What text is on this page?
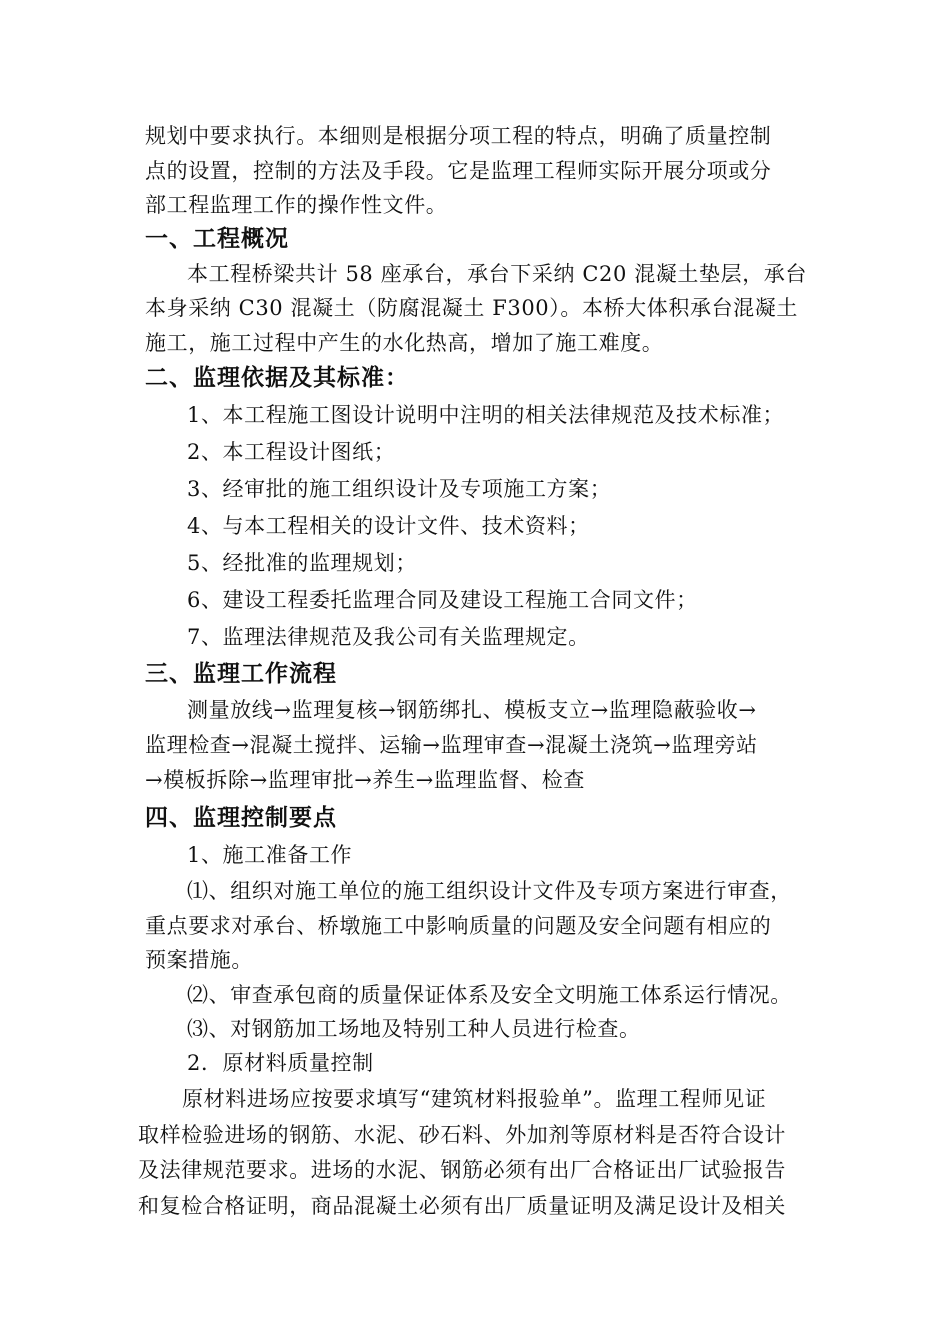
规划中要求执行。本细则是根据分项工程的特点，明确了质量控制
点的设置，控制的方法及手段。它是监理工程师实际开展分项或分
部工程监理工作的操作性文件。
一、工程概况
本工程桥梁共计 58 座承台，承台下采纳 C20 混凝土垫层，承台
本身采纳 C30 混凝土（防腐混凝土 F300）。本桥大体积承台混凝土
施工，施工过程中产生的水化热高，增加了施工难度。
二、监理依据及其标准：
1、本工程施工图设计说明中注明的相关法律规范及技术标准；
2、本工程设计图纸；
3、经审批的施工组织设计及专项施工方案；
4、与本工程相关的设计文件、技术资料；
5、经批准的监理规划；
6、建设工程委托监理合同及建设工程施工合同文件；
7、监理法律规范及我公司有关监理规定。
三、监理工作流程
测量放线→监理复核→钢筋绑扎、模板支立→监理隐蔽验收→
监理检查→混凝土搅拌、运输→监理审查→混凝土浇筑→监理旁站
→模板拆除→监理审批→养生→监理监督、检查
四、监理控制要点
1、施工准备工作
⑴、组织对施工单位的施工组织设计文件及专项方案进行审查，
重点要求对承台、桥墩施工中影响质量的问题及安全问题有相应的
预案措施。
⑵、审查承包商的质量保证体系及安全文明施工体系运行情况。
⑶、对钢筋加工场地及特别工种人员进行检查。
2．原材料质量控制
原材料进场应按要求填写“建筑材料报验单”。监理工程师见证
取样检验进场的钢筋、水泥、砂石料、外加剂等原材料是否符合设计
及法律规范要求。进场的水泥、钢筋必须有出厂合格证出厂试验报告
和复检合格证明，商品混凝土必须有出厂质量证明及满足设计及相关
